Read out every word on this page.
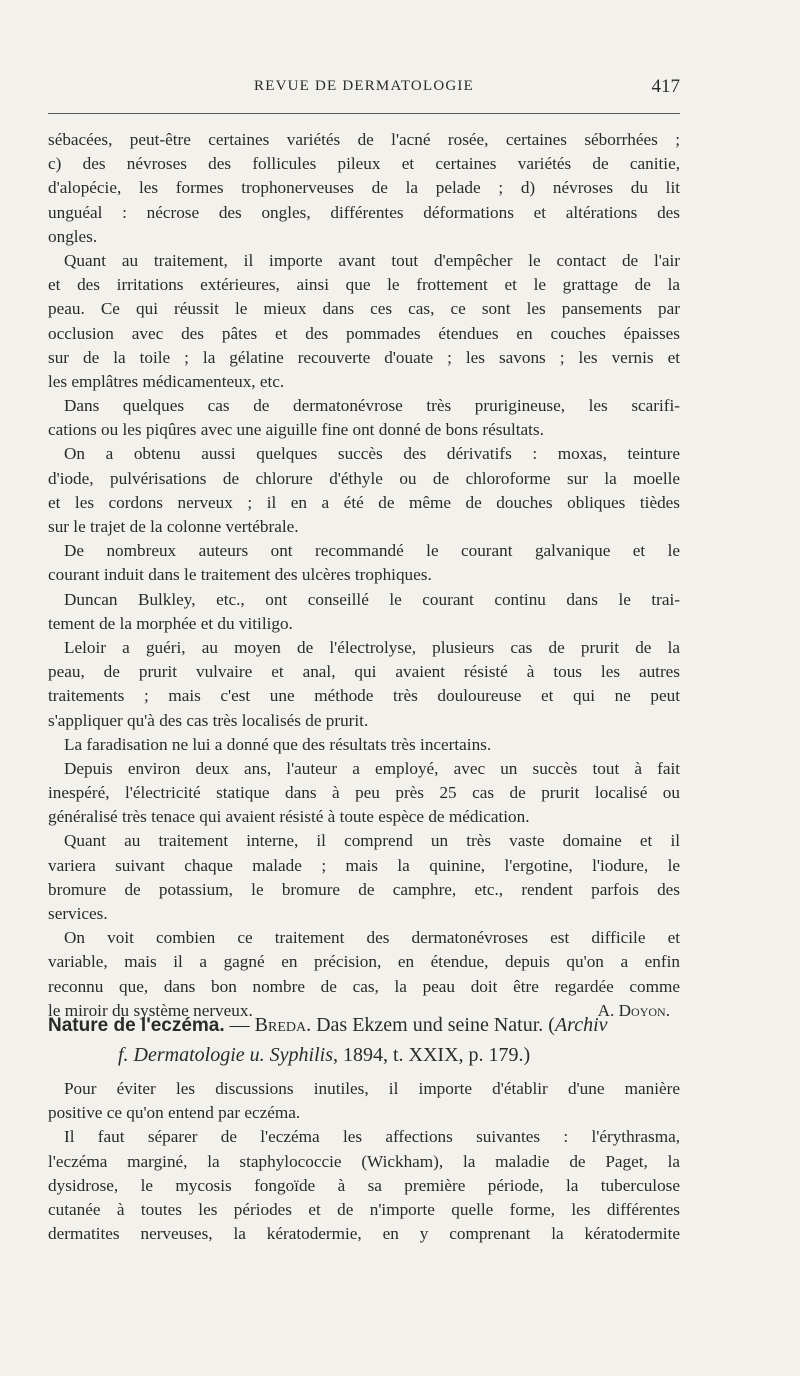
REVUE DE DERMATOLOGIE	417
sébacées, peut-être certaines variétés de l'acné rosée, certaines séborrhées ;
c) des névroses des follicules pileux et certaines variétés de canitie,
d'alopécie, les formes trophonerveuses de la pelade ; d) névroses du lit
unguéal : nécrose des ongles, différentes déformations et altérations des
ongles.
Quant au traitement, il importe avant tout d'empêcher le contact de l'air
et des irritations extérieures, ainsi que le frottement et le grattage de la
peau. Ce qui réussit le mieux dans ces cas, ce sont les pansements par
occlusion avec des pâtes et des pommades étendues en couches épaisses
sur de la toile ; la gélatine recouverte d'ouate ; les savons ; les vernis et
les emplâtres médicamenteux, etc.
Dans quelques cas de dermatonévrose très prurigineuse, les scarifi-
cations ou les piqûres avec une aiguille fine ont donné de bons résultats.
On a obtenu aussi quelques succès des dérivatifs : moxas, teinture
d'iode, pulvérisations de chlorure d'éthyle ou de chloroforme sur la moelle
et les cordons nerveux ; il en a été de même de douches obliques tièdes
sur le trajet de la colonne vertébrale.
De nombreux auteurs ont recommandé le courant galvanique et le
courant induit dans le traitement des ulcères trophiques.
Duncan Bulkley, etc., ont conseillé le courant continu dans le trai-
tement de la morphée et du vitiligo.
Leloir a guéri, au moyen de l'électrolyse, plusieurs cas de prurit de la
peau, de prurit vulvaire et anal, qui avaient résisté à tous les autres
traitements ; mais c'est une méthode très douloureuse et qui ne peut
s'appliquer qu'à des cas très localisés de prurit.
La faradisation ne lui a donné que des résultats très incertains.
Depuis environ deux ans, l'auteur a employé, avec un succès tout à fait
inespéré, l'électricité statique dans à peu près 25 cas de prurit localisé ou
généralisé très tenace qui avaient résisté à toute espèce de médication.
Quant au traitement interne, il comprend un très vaste domaine et il
variera suivant chaque malade ; mais la quinine, l'ergotine, l'iodure, le
bromure de potassium, le bromure de camphre, etc., rendent parfois des
services.
On voit combien ce traitement des dermatonévroses est difficile et
variable, mais il a gagné en précision, en étendue, depuis qu'on a enfin
reconnu que, dans bon nombre de cas, la peau doit être regardée comme
le miroir du système nerveux.	A. Doyon.
Nature de l'eczéma. — Breda. Das Ekzem und seine Natur. (Archiv
f. Dermatologie u. Syphilis, 1894, t. XXIX, p. 179.)
Pour éviter les discussions inutiles, il importe d'établir d'une manière
positive ce qu'on entend par eczéma.
Il faut séparer de l'eczéma les affections suivantes : l'érythrasma,
l'eczéma marginé, la staphylococcie (Wickham), la maladie de Paget, la
dysidrose, le mycosis fongoïde à sa première période, la tuberculose
cutanée à toutes les périodes et de n'importe quelle forme, les différentes
dermatites nerveuses, la kératodermie, en y comprenant la kératodermite
